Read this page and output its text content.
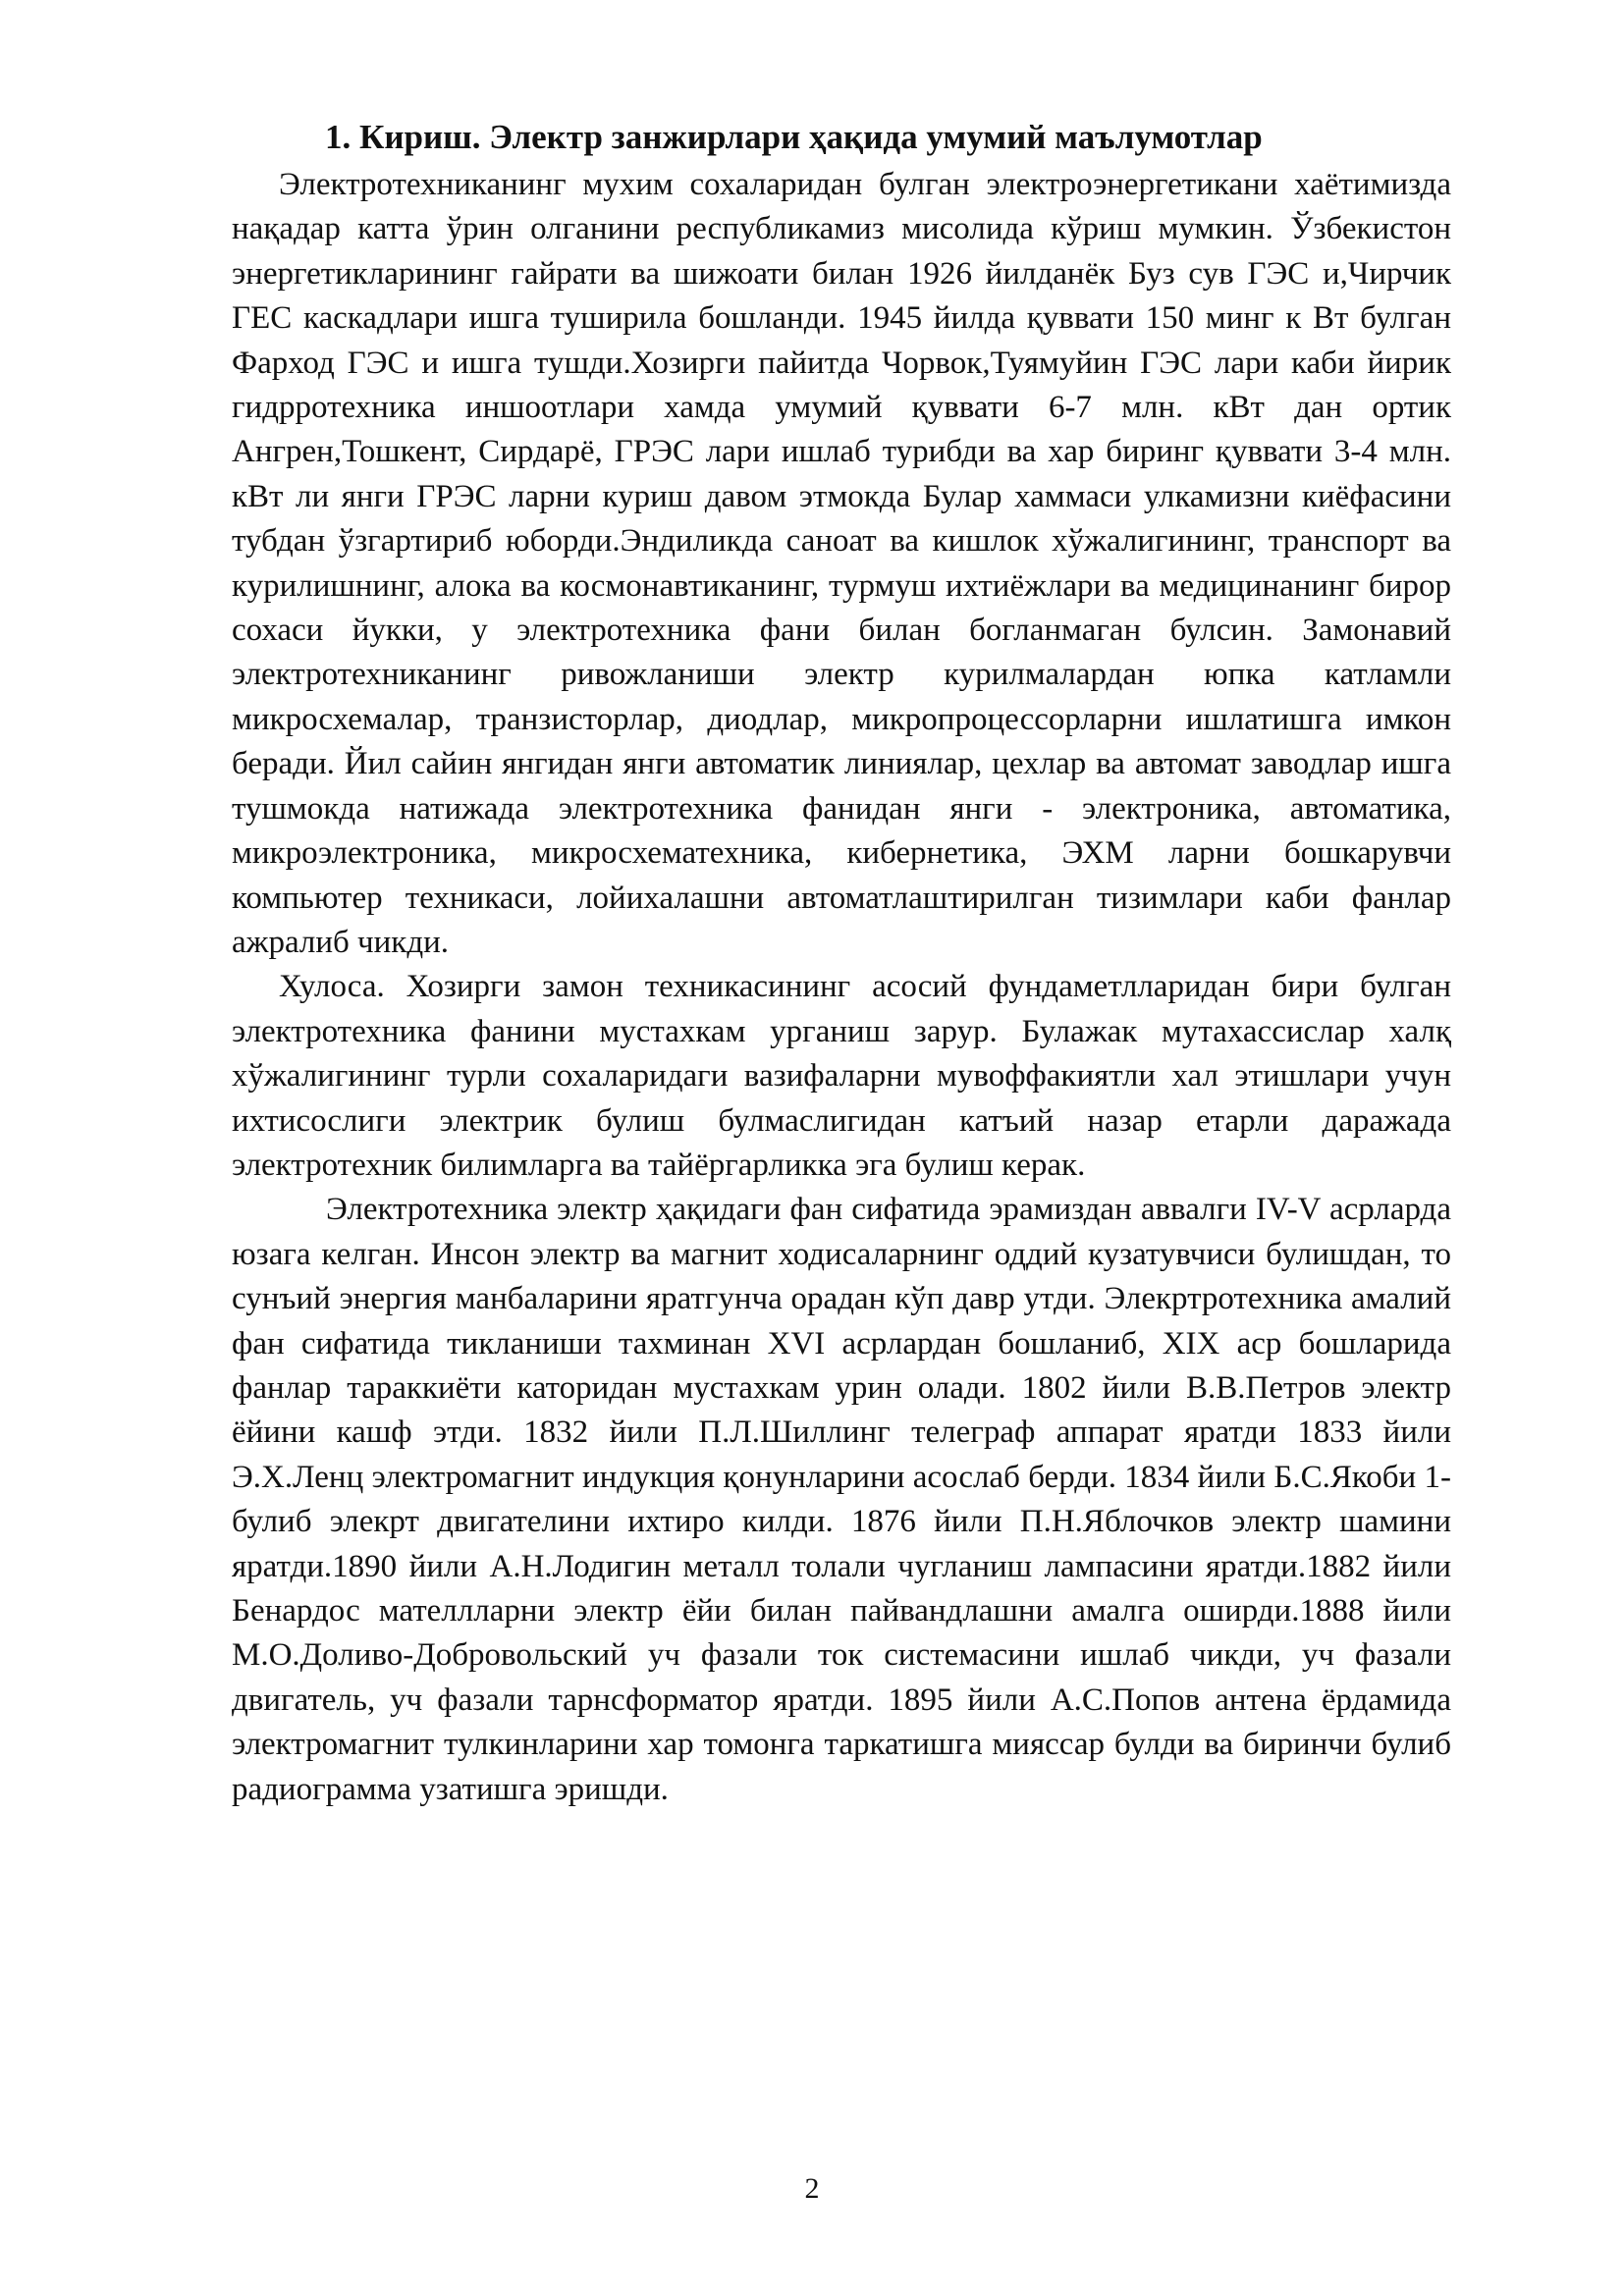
1. Кириш. Электр занжирлари ҳақида умумий маълумотлар

Электротехниканинг мухим сохаларидан булган электроэнергетикани хаётимизда нақадар катта ўрин олганини республикамиз мисолида кўриш мумкин. Ўзбекистон энергетикларининг гайрати ва шижоати билан 1926 йилданёк Буз сув ГЭС и,Чирчик ГЕС каскадлари ишга туширила бошланди. 1945 йилда қуввати 150 минг к Вт булган Фарход ГЭС и ишга тушди.Хозирги пайитда Чорвок,Туямуйин ГЭС лари каби йирик гидрротехника иншоотлари хамда умумий қуввати 6-7 млн. кВт дан ортик Ангрен,Тошкент, Сирдарё, ГРЭС лари ишлаб турибди ва хар биринг қуввати 3-4 млн. кВт ли янги ГРЭС ларни куриш давом этмокда Булар хаммаси улкамизни киёфасини тубдан ўзгартириб юборди.Эндиликда саноат ва кишлок хўжалигининг, транспорт ва курилишнинг, алока ва космонавтиканинг, турмуш ихтиёжлари ва медицинанинг бирор сохаси йукки, у электротехника фани билан богланмаган булсин. Замонавий электротехниканинг ривожланиши электр курилмалардан юпка катламли микросхемалар, транзисторлар, диодлар, микропроцессорларни ишлатишга имкон беради. Йил сайин янгидан янги автоматик линиялар, цехлар ва автомат заводлар ишга тушмокда натижада электротехника фанидан янги - электроника, автоматика, микроэлектроника, микросхематехника, кибернетика, ЭХМ ларни бошкарувчи компьютер техникаси, лойихалашни автоматлаштирилган тизимлари каби фанлар ажралиб чикди.

Хулоса. Хозирги замон техникасининг асосий фундаметлларидан бири булган электротехника фанини мустахкам урганиш зарур. Булажак мутахассислар халқ хўжалигининг турли сохаларидаги вазифаларни мувоффакиятли хал этишлари учун ихтисослиги электрик булиш булмаслигидан катъий назар етарли даражада электротехник билимларга ва тайёргарликка эга булиш керак.

Электротехника электр ҳақидаги фан сифатида эрамиздан аввалги IV-V асрларда юзага келган. Инсон электр ва магнит ходисаларнинг оддий кузатувчиси булишдан, то сунъий энергия манбаларини яратгунча орадан кўп давр утди. Элекртротехника амалий фан сифатида тикланиши тахминан XVI асрлардан бошланиб, XIX аср бошларида фанлар тараккиёти каторидан мустахкам урин олади. 1802 йили В.В.Петров электр ёйини кашф этди. 1832 йили П.Л.Шиллинг телеграф аппарат яратди 1833 йили Э.Х.Ленц электромагнит индукция қонунларини асослаб берди. 1834 йили Б.С.Якоби 1- булиб элекрт двигателини ихтиро килди. 1876 йили П.Н.Яблочков электр шамини яратди.1890 йили А.Н.Лодигин металл толали чугланиш лампасини яратди.1882 йили Бенардос мателлларни электр ёйи билан пайвандлашни амалга оширди.1888 йили М.О.Доливо-Добровольский уч фазали ток системасини ишлаб чикди, уч фазали двигатель, уч фазали тарнсформатор яратди. 1895 йили А.С.Попов антена ёрдамида электромагнит тулкинларини хар томонга таркатишга мияссар булди ва биринчи булиб радиограмма узатишга эришди.

2
